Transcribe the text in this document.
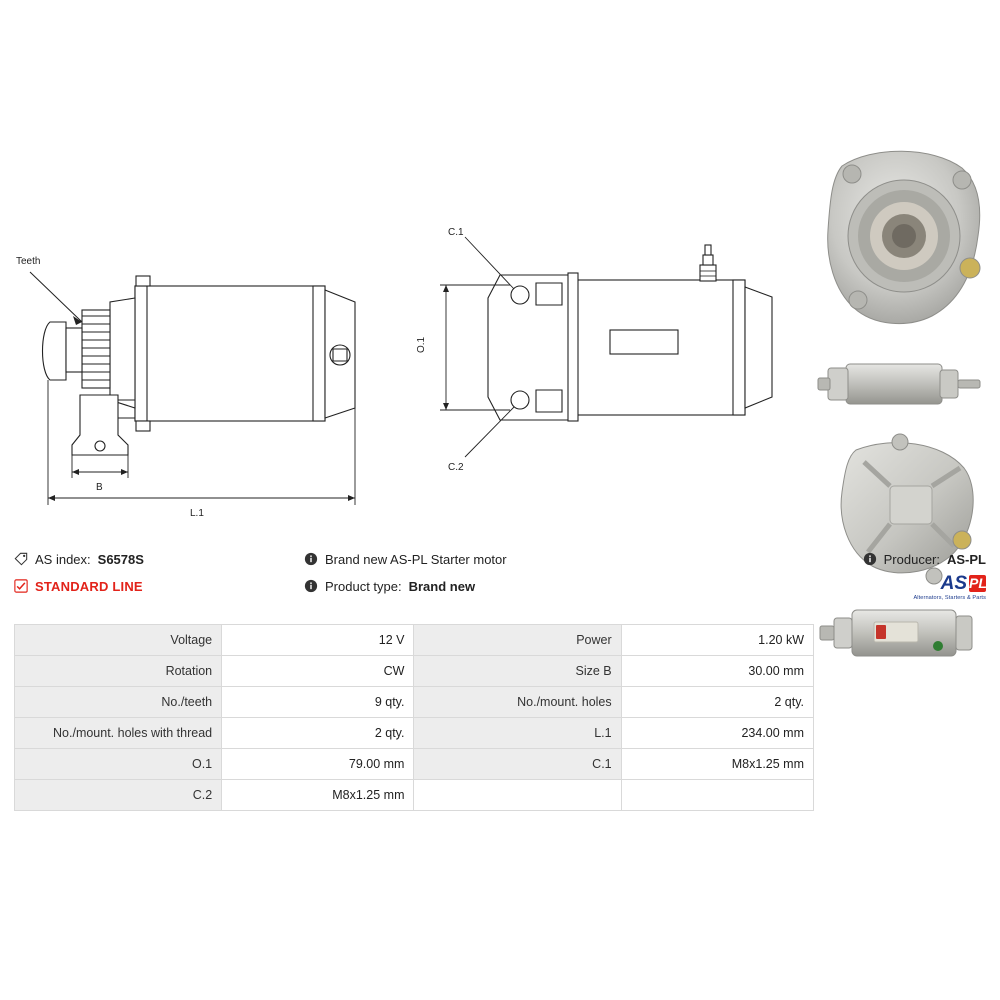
Teeth
B
L.1
C.1
C.2
O.1
AS index: S6578S
STANDARD LINE
Brand new AS-PL Starter motor
Product type: Brand new
Producer: AS-PL
AS PL
Alternators, Starters & Parts
Voltage	12 V	Power	1.20 kW
Rotation	CW	Size B	30.00 mm
No./teeth	9 qty.	No./mount. holes	2 qty.
No./mount. holes with thread	2 qty.	L.1	234.00 mm
O.1	79.00 mm	C.1	M8x1.25 mm
C.2	M8x1.25 mm		
